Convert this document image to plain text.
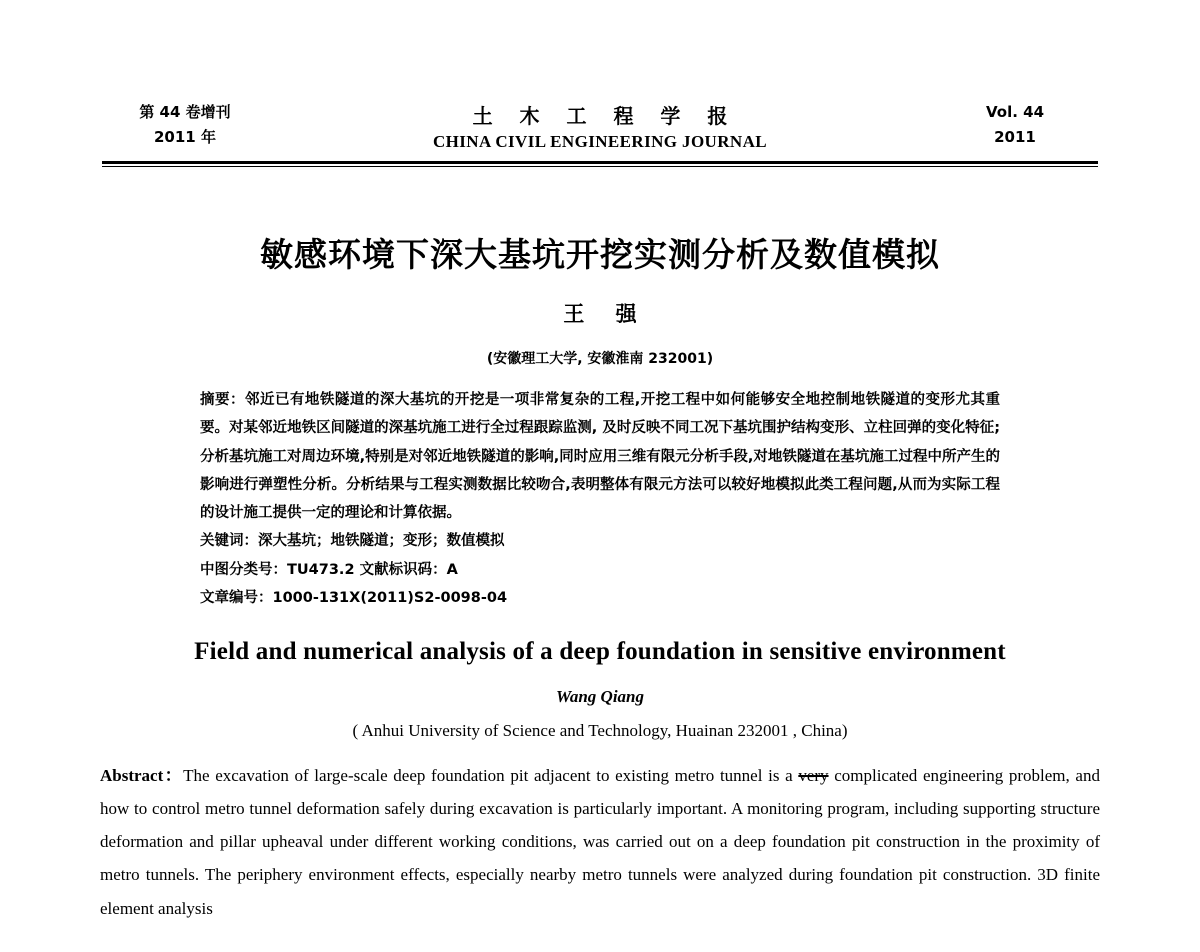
第 44 卷增刊
2011 年
土 木 工 程 学 报
CHINA CIVIL ENGINEERING JOURNAL
Vol. 44
2011
敏感环境下深大基坑开挖实测分析及数值模拟
王 强
(安徽理工大学, 安徽淮南 232001)

摘要：邻近已有地铁隧道的深大基坑的开挖是一项非常复杂的工程,开挖工程中如何能够安全地控制地铁隧道的变形尤其重要。对某邻近地铁区间隧道的深基坑施工进行全过程跟踪监测, 及时反映不同工况下基坑围护结构变形、立柱回弹的变化特征;分析基坑施工对周边环境,特别是对邻近地铁隧道的影响,同时应用三维有限元分析手段,对地铁隧道在基坑施工过程中所产生的影响进行弹塑性分析。分析结果与工程实测数据比较吻合,表明整体有限元方法可以较好地模拟此类工程问题,从而为实际工程的设计施工提供一定的理论和计算依据。

关键词：深大基坑；地铁隧道；变形；数值模拟

中图分类号：TU473.2 文献标识码：A

文章编号：1000-131X(2011)S2-0098-04

Field and numerical analysis of a deep foundation in sensitive environment
Wang Qiang
( Anhui University of Science and Technology, Huainan 232001 , China)

Abstract：The excavation of large-scale deep foundation pit adjacent to existing metro tunnel is a very complicated engineering problem, and how to control metro tunnel deformation safely during excavation is particularly important. A monitoring program, including supporting structure deformation and pillar upheaval under different working conditions, was carried out on a deep foundation pit construction in the proximity of metro tunnels. The periphery environment effects, especially nearby metro tunnels were analyzed during foundation pit construction. 3D finite element analysis
